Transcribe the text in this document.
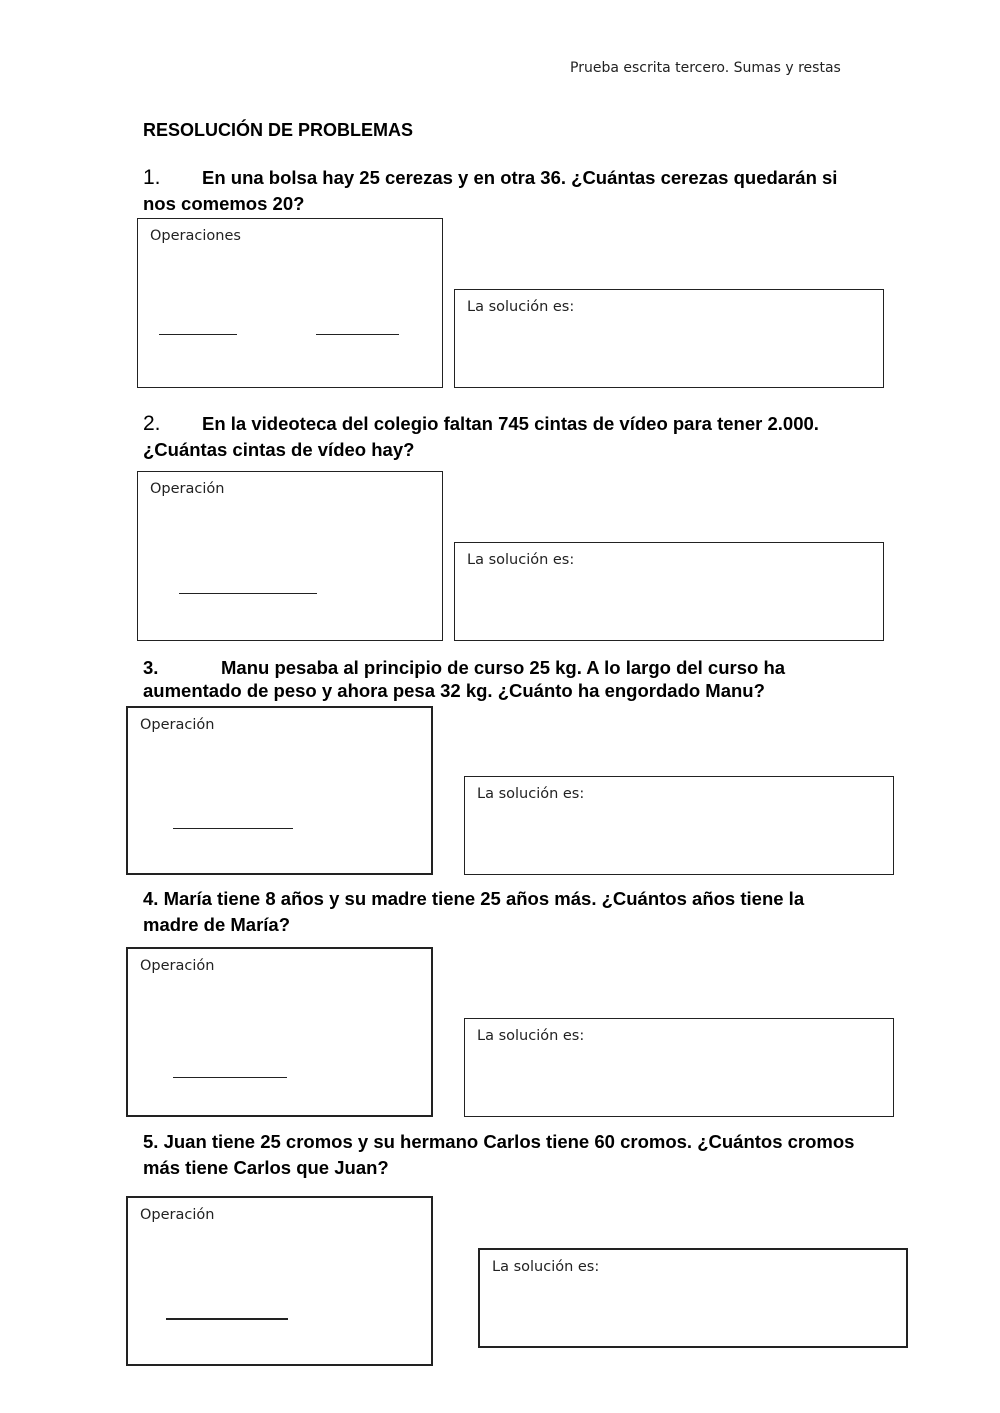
Prueba escrita tercero. Sumas y restas
RESOLUCIÓN DE PROBLEMAS
1. En una bolsa hay 25 cerezas y en otra 36. ¿Cuántas cerezas quedarán si nos comemos 20?
Operaciones
La solución es:
2. En la videoteca del colegio faltan 745 cintas de vídeo para tener 2.000. ¿Cuántas cintas de vídeo hay?
Operación
La solución es:
3.	Manu pesaba al principio de curso 25 kg. A lo largo del curso ha aumentado de peso y ahora pesa 32 kg. ¿Cuánto ha engordado Manu?
Operación
La solución es:
4. María tiene 8 años y su madre tiene 25 años más. ¿Cuántos años tiene la madre de María?
Operación
La solución es:
5. Juan tiene 25 cromos y su hermano Carlos tiene 60 cromos. ¿Cuántos cromos más tiene Carlos que Juan?
Operación
La solución es:
